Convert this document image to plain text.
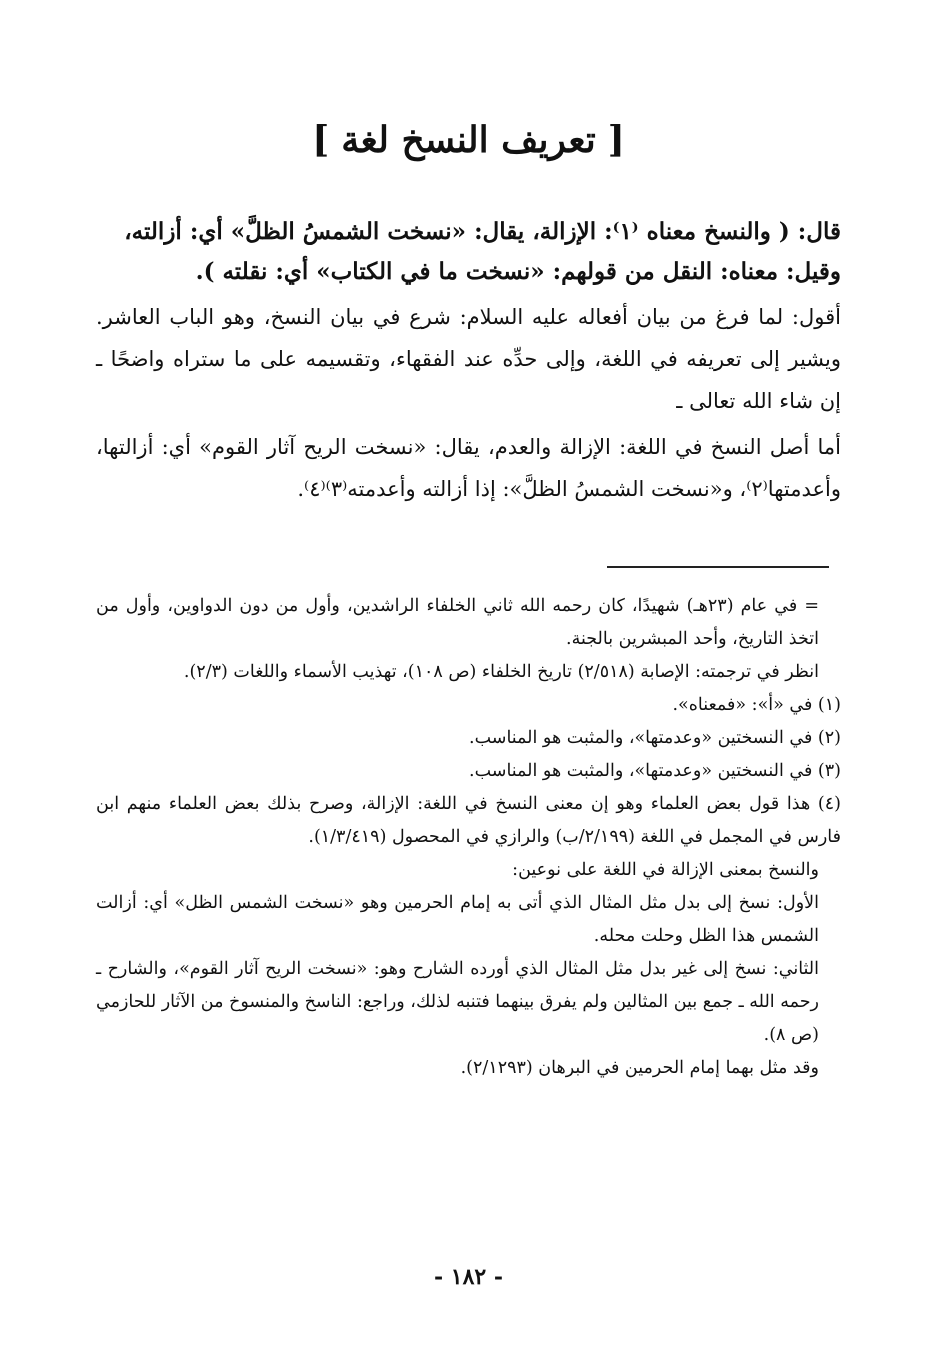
[تعريف النسخ لغة]

قال: ( والنسخ معناه ⁽١⁾: الإزالة، يقال: «نسخت الشمسُ الظلَّ» أي: أزالته،

وقيل: معناه: النقل من قولهم: «نسخت ما في الكتاب» أي: نقلته ).

أقول: لما فرغ من بيان أفعاله عليه السلام: شرع في بيان النسخ، وهو الباب العاشر. ويشير إلى تعريفه في اللغة، وإلى حدِّه عند الفقهاء، وتقسيمه على ما ستراه واضحًا ـ إن شاء الله تعالى ـ

أما أصل النسخ في اللغة: الإزالة والعدم، يقال: «نسخت الريح آثار القوم» أي: أزالتها، وأعدمتها⁽٢⁾، و«نسخت الشمسُ الظلَّ»: إذا أزالته وأعدمته⁽٣⁾⁽٤⁾.

= في عام (٢٣هـ) شهيدًا، كان رحمه الله ثاني الخلفاء الراشدين، وأول من دون الدواوين، وأول من اتخذ التاريخ، وأحد المبشرين بالجنة.

انظر في ترجمته: الإصابة (٢/٥١٨) تاريخ الخلفاء (ص ١٠٨)، تهذيب الأسماء واللغات (٢/٣).

(١) في «أ»: «فمعناه».

(٢) في النسختين «وعدمتها»، والمثبت هو المناسب.

(٣) في النسختين «وعدمتها»، والمثبت هو المناسب.

(٤) هذا قول بعض العلماء وهو إن معنى النسخ في اللغة: الإزالة، وصرح بذلك بعض العلماء منهم ابن فارس في المجمل في اللغة (٢/١٩٩/ب) والرازي في المحصول (١/٣/٤١٩).

والنسخ بمعنى الإزالة في اللغة على نوعين:

الأول: نسخ إلى بدل مثل المثال الذي أتى به إمام الحرمين وهو «نسخت الشمس الظل» أي: أزالت الشمس هذا الظل وحلت محله.

الثاني: نسخ إلى غير بدل مثل المثال الذي أورده الشارح وهو: «نسخت الريح آثار القوم»، والشارح ـ رحمه الله ـ جمع بين المثالين ولم يفرق بينهما فتنبه لذلك، وراجع: الناسخ والمنسوخ من الآثار للحازمي (ص ٨).

وقد مثل بهما إمام الحرمين في البرهان (٢/١٢٩٣).

- ١٨٢ -
